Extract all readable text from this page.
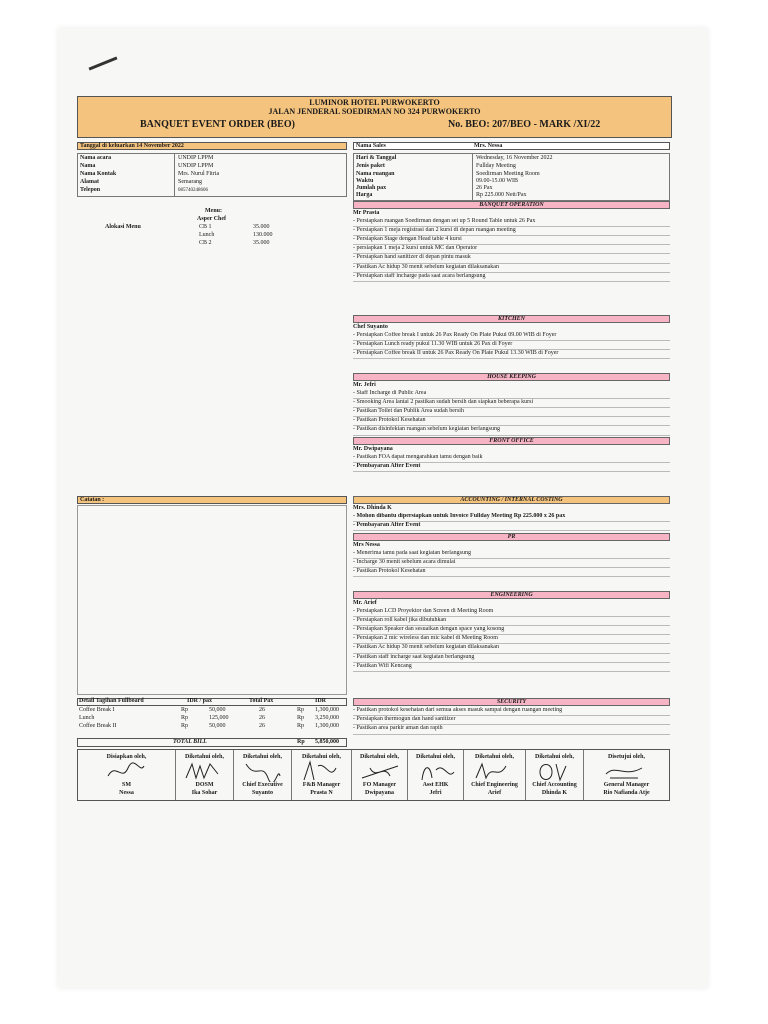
LUMINOR HOTEL PURWOKERTO
JALAN JENDERAL SOEDIRMAN NO 324 PURWOKERTO
BANQUET EVENT ORDER (BEO)	No. BEO: 207/BEO - MARK /XI/22
Tanggal di keluarkan 14 November 2022	Nama Sales	Mrs. Nessa
Nama acara	UNDIP LPPM
Nama	UNDIP LPPM
Nama Kontak	Mrs. Nurul Fitria
Alamat	Semarang
Telepon	085740248606
Hari & Tanggal	Wednesday, 16 November 2022
Jenis paket	Fullday Meeting
Nama ruangan	Soedirman Meeting Room
Waktu	09.00-15.00 WIB
Jumlah pax	26 Pax
Harga	Rp 225.000 Nett/Pax
Menu:
Asper Chef
Alokasi Menu	CB 1	35.000
Lunch	130.000
CB 2	35.000
BANQUET OPERATION
Mr Prasta
- Persiapkan ruangan Soedirman dengan set up 5 Round Table untuk 26 Pax
- Persiapkan 1 meja registrasi dan 2 kursi di depan ruangan meeting
- Persiapkan Stage dengan Head table 4 kursi
- persiapkan 1 meja 2 kursi untuk MC dan Operator
- Persiapkan hand sanitizer di depan pintu masuk
- Pastikan Ac hidup 30 menit sebelum kegiatan dilaksanakan
- Persiapkan staff incharge pada saat acara berlangsung
KITCHEN
Chef Suyanto
- Persiapkan Coffee break I untuk 26 Pax Ready On Plate Pukul 09.00 WIB di Foyer
- Persiapkan Lunch ready pukul 11.30 WIB untuk 26 Pax di Foyer
- Persiapkan Coffee break II untuk 26 Pax Ready On Plate Pukul 13.30 WIB di Foyer
HOUSE KEEPING
Mr. Jefri
- Staff Incharge di Public Area
- Smooking Area lantai 2 pastikan sudah bersih dan siapkan beberapa kursi
- Pastikan Toilet dan Publik Area sudah bersih
- Pastikan Protokol Kesehatan
- Pastikan disinfektan ruangan sebelum kegiatan berlangsung
FRONT OFFICE
Mr. Dwipayana
- Pastikan FOA dapat mengarahkan tamu dengan baik
- Pembayaran After Event
Catatan :	ACCOUNTING / INTERNAL COSTING
Mrs. Dhinda K
- Mohon dibantu dipersiapkan untuk Invoice Fullday Meeting Rp 225.000 x 26 pax
- Pembayaran After Event
PR
Mrs Nessa
- Menerima tamu pada saat kegiatan berlangsung
- Incharge 30 menit sebelum acara dimulai
- Pastikan Protokol Kesehatan
ENGINEERING
Mr. Arief
- Persiapkan LCD Proyektor dan Screen di Meeting Room
- Persiapkan roll kabel jika dibutuhkan
- Persiapkan Speaker dan sesuaikan dengan space yang kosong
- Persiapkan 2 mic wireless dan mic kabel di Meeting Room
- Pastikan Ac hidup 30 menit sebelum kegiatan dilaksanakan
- Pastikan staff incharge saat kegiatan berlangsung
- Pastikan Wifi Kencang
SECURITY
- Pastikan protokol kesehatan dari semua akses masuk sampai dengan ruangan meeting
- Persiapkan thermogun dan hand sanitizer
- Pastikan area parkir aman dan rapih
Detail Tagihan Fullboard	IDR / pax	Total Pax	IDR
Coffee Break I	Rp	50,000	26	Rp 1,300,000
Lunch	Rp	125,000	26	Rp 3,250,000
Coffee Break II	Rp	50,000	26	Rp 1,300,000
TOTAL BILL	Rp 5,850,000
Disiapkan oleh,
SM
Nessa
Diketahui oleh,
DOSM
Ika Sohar
Diketahui oleh,
Chief Executive
Suyanto
Diketahui oleh,
F&B Manager
Prasta N
Diketahui oleh,
FO Manager
Dwipayana
Diketahui oleh,
Asst EHK
Jefri
Diketahui oleh,
Chief Engineering
Arief
Diketahui oleh,
Chief Accounting
Dhinda K
Disetujui oleh,
General Manager
Rio Nafianda Atje
